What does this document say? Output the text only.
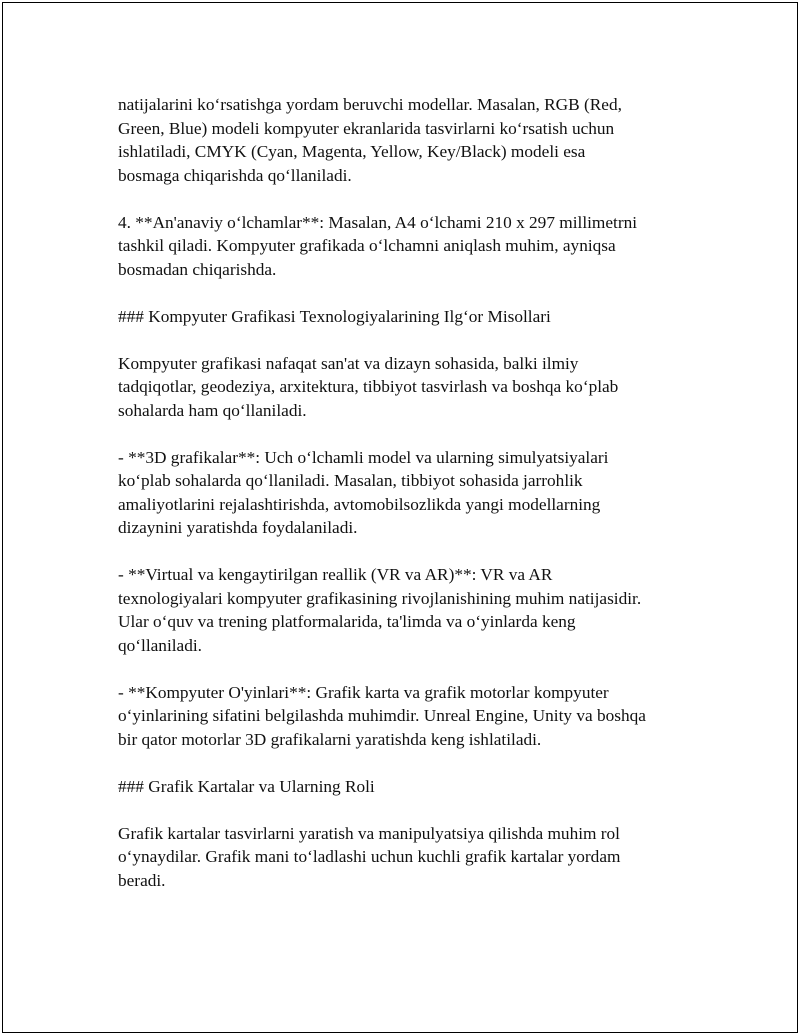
natijalarini ko‘rsatishga yordam beruvchi modellar. Masalan, RGB (Red,
Green, Blue) modeli kompyuter ekranlarida tasvirlarni ko‘rsatish uchun
ishlatiladi, CMYK (Cyan, Magenta, Yellow, Key/Black) modeli esa
bosmaga chiqarishda qo‘llaniladi.

4. **An'anaviy o‘lchamlar**: Masalan, A4 o‘lchami 210 x 297 millimetrni
tashkil qiladi. Kompyuter grafikada o‘lchamni aniqlash muhim, ayniqsa
bosmadan chiqarishda.

### Kompyuter Grafikasi Texnologiyalarining Ilg‘or Misollari

Kompyuter grafikasi nafaqat san'at va dizayn sohasida, balki ilmiy
tadqiqotlar, geodeziya, arxitektura, tibbiyot tasvirlash va boshqa ko‘plab
sohalarda ham qo‘llaniladi.

- **3D grafikalar**: Uch o‘lchamli model va ularning simulyatsiyalari
ko‘plab sohalarda qo‘llaniladi. Masalan, tibbiyot sohasida jarrohlik
amaliyotlarini rejalashtirishda, avtomobilsozlikda yangi modellarning
dizaynini yaratishda foydalaniladi.

- **Virtual va kengaytirilgan reallik (VR va AR)**: VR va AR
texnologiyalari kompyuter grafikasining rivojlanishining muhim natijasidir.
Ular o‘quv va trening platformalarida, ta'limda va o‘yinlarda keng
qo‘llaniladi.

- **Kompyuter O'yinlari**: Grafik karta va grafik motorlar kompyuter
o‘yinlarining sifatini belgilashda muhimdir. Unreal Engine, Unity va boshqa
bir qator motorlar 3D grafikalarni yaratishda keng ishlatiladi.

### Grafik Kartalar va Ularning Roli

Grafik kartalar tasvirlarni yaratish va manipulyatsiya qilishda muhim rol
o‘ynaydilar. Grafik mani to‘ladlashi uchun kuchli grafik kartalar yordam
beradi.
